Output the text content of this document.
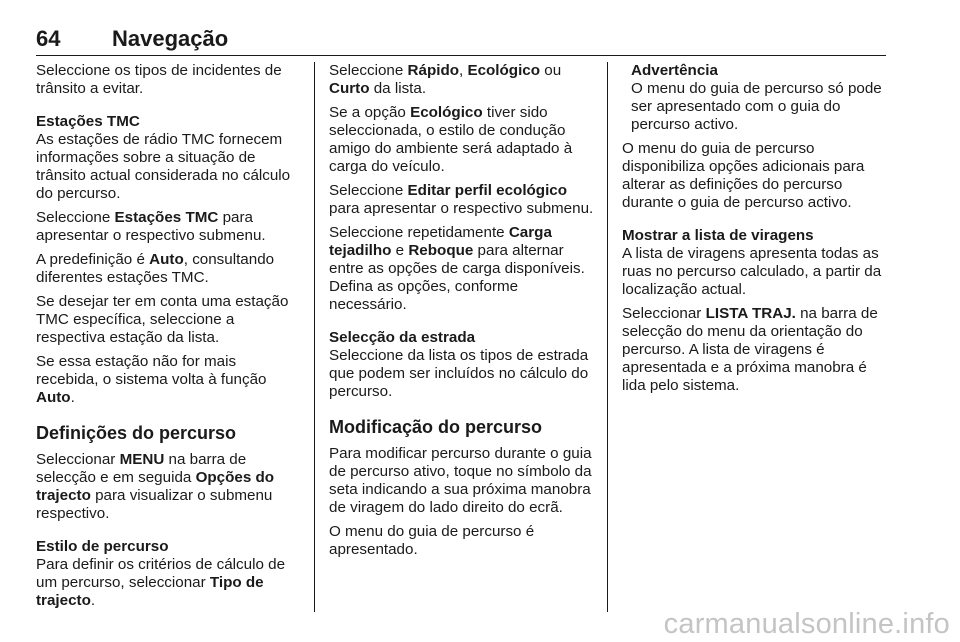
64 Navegação

Seleccione os tipos de incidentes de trânsito a evitar.

Estações TMC

As estações de rádio TMC fornecem informações sobre a situação de trânsito actual considerada no cálculo do percurso.

Seleccione Estações TMC para apresentar o respectivo submenu.

A predefinição é Auto, consultando diferentes estações TMC.

Se desejar ter em conta uma estação TMC específica, seleccione a respectiva estação da lista.

Se essa estação não for mais recebida, o sistema volta à função Auto.

Definições do percurso

Seleccionar MENU na barra de selecção e em seguida Opções do trajecto para visualizar o submenu respectivo.

Estilo de percurso

Para definir os critérios de cálculo de um percurso, seleccionar Tipo de trajecto.

Seleccione Rápido, Ecológico ou Curto da lista.

Se a opção Ecológico tiver sido seleccionada, o estilo de condução amigo do ambiente será adaptado à carga do veículo.

Seleccione Editar perfil ecológico para apresentar o respectivo submenu.

Seleccione repetidamente Carga tejadilho e Reboque para alternar entre as opções de carga disponíveis. Defina as opções, conforme necessário.

Selecção da estrada

Seleccione da lista os tipos de estrada que podem ser incluídos no cálculo do percurso.

Modificação do percurso

Para modificar percurso durante o guia de percurso ativo, toque no símbolo da seta indicando a sua próxima manobra de viragem do lado direito do ecrã.

O menu do guia de percurso é apresentado.

Advertência

O menu do guia de percurso só pode ser apresentado com o guia do percurso activo.

O menu do guia de percurso disponibiliza opções adicionais para alterar as definições do percurso durante o guia de percurso activo.

Mostrar a lista de viragens

A lista de viragens apresenta todas as ruas no percurso calculado, a partir da localização actual.

Seleccionar LISTA TRAJ. na barra de selecção do menu da orientação do percurso. A lista de viragens é apresentada e a próxima manobra é lida pelo sistema.

carmanualsonline.info
